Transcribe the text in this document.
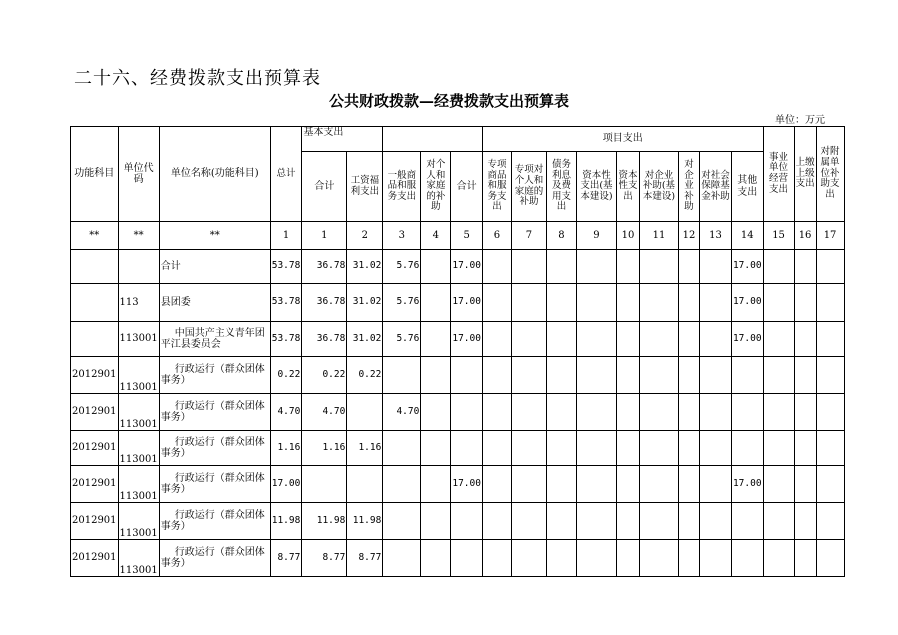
二十六、经费拨款支出预算表
公共财政拨款—经费拨款支出预算表
单位：万元
功能科目	单位代码	单位名称(功能科目)	总计	基本支出					项目支出									事业单位经营支出	上缴上级支出	对附属单位补助支出
				合计	工资福利支出	一般商品和服务支出	对个人和家庭的补助	合计	专项商品和服务支出	专项对个人和家庭的补助	债务利息及费用支出	资本性支出(基本建设)	资本性支出	对企业补助(基本建设)	对企业补助	对社会保障基金补助	其他支出			
**	**	**	1	1	2	3	4	5	6	7	8	9	10	11	12	13	14	15	16	17
		合计	53.78	36.78	31.02	5.76		17.00									17.00			
	113	县团委	53.78	36.78	31.02	5.76		17.00									17.00			
	113001	中国共产主义青年团平江县委员会	53.78	36.78	31.02	5.76		17.00									17.00			
2012901	113001	行政运行（群众团体事务）	0.22	0.22	0.22															
2012901	113001	行政运行（群众团体事务）	4.70	4.70		4.70														
2012901	113001	行政运行（群众团体事务）	1.16	1.16	1.16															
2012901	113001	行政运行（群众团体事务）	17.00					17.00									17.00			
2012901	113001	行政运行（群众团体事务）	11.98	11.98	11.98															
2012901	113001	行政运行（群众团体事务）	8.77	8.77	8.77															
